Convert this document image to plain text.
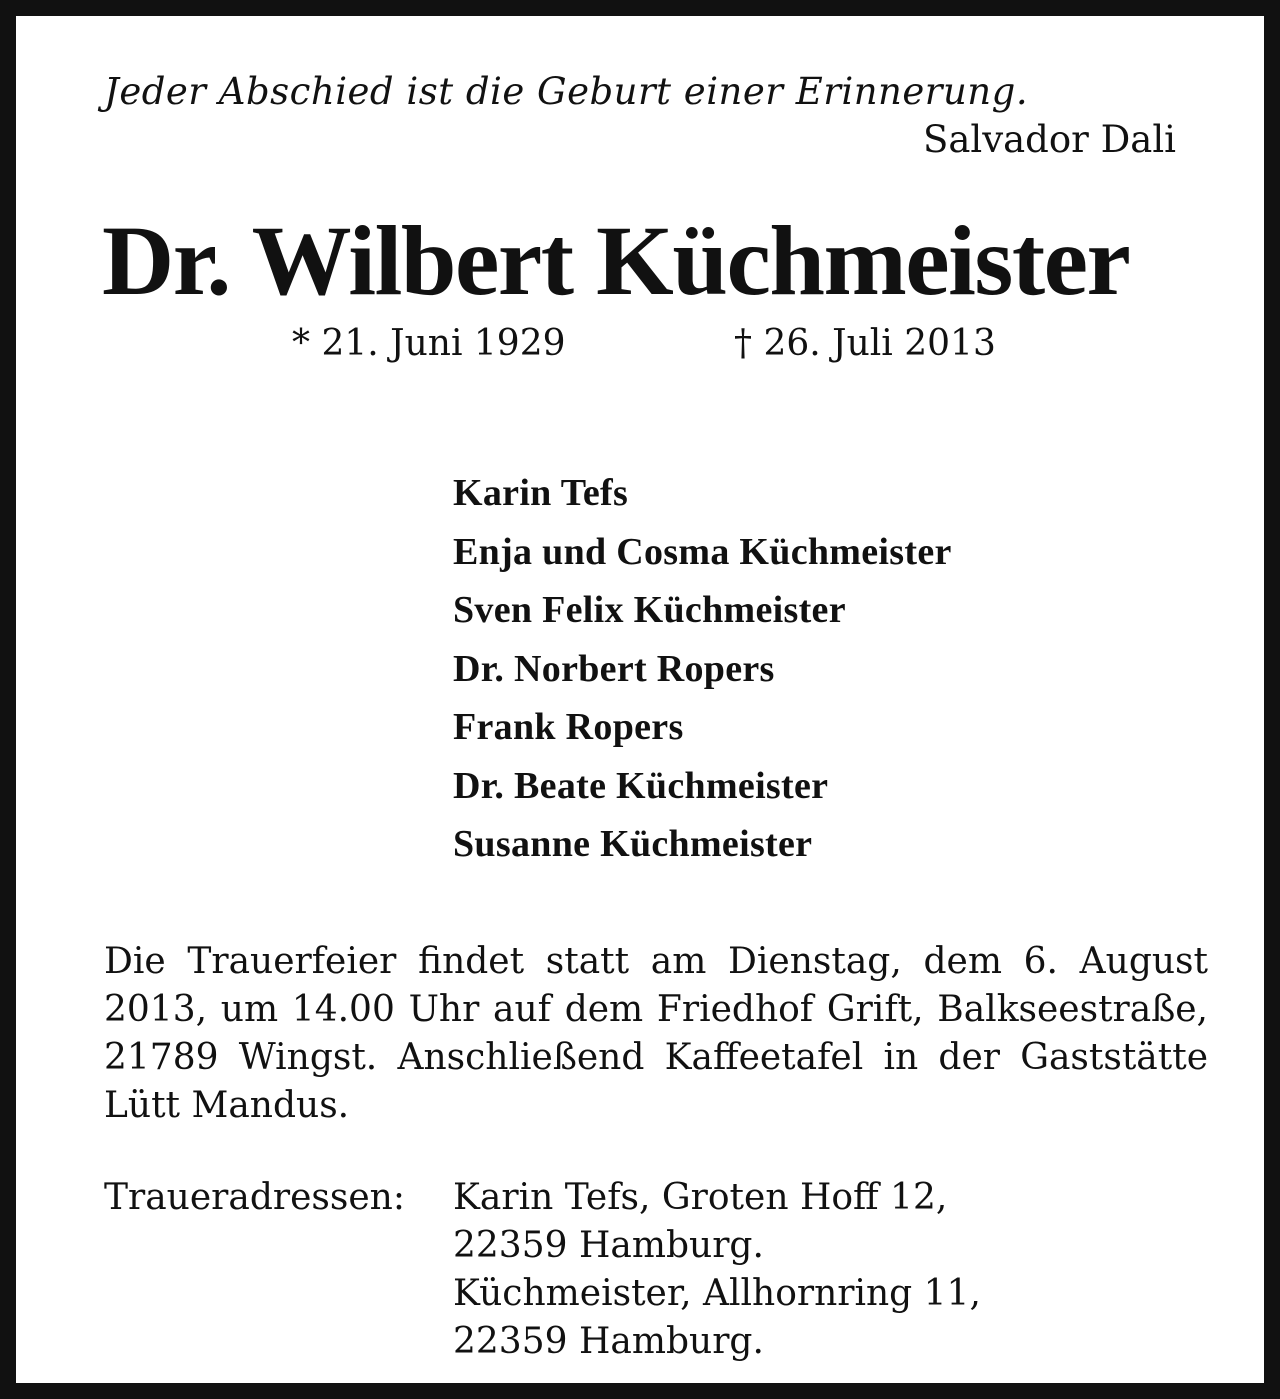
Jeder Abschied ist die Geburt einer Erinnerung.
Salvador Dali
Dr. Wilbert Küchmeister
* 21. Juni 1929	† 26. Juli 2013
Karin Tefs
Enja und Cosma Küchmeister
Sven Felix Küchmeister
Dr. Norbert Ropers
Frank Ropers
Dr. Beate Küchmeister
Susanne Küchmeister

Die Trauerfeier findet statt am Dienstag, dem 6. August 2013, um 14.00 Uhr auf dem Friedhof Grift, Balkseestraße, 21789 Wingst. Anschließend Kaffeetafel in der Gaststätte Lütt Mandus.

Traueradressen: Karin Tefs, Groten Hoff 12,
22359 Hamburg.
Küchmeister, Allhornring 11,
22359 Hamburg.
